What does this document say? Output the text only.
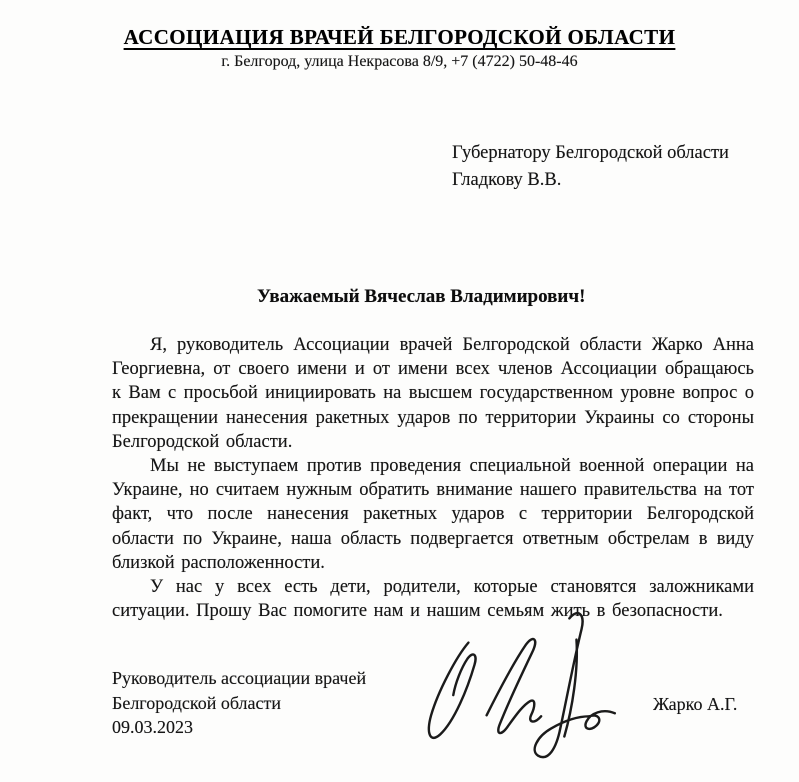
АССОЦИАЦИЯ ВРАЧЕЙ БЕЛГОРОДСКОЙ ОБЛАСТИ
г. Белгород, улица Некрасова 8/9, +7 (4722) 50-48-46
Губернатору Белгородской области
Гладкову В.В.
Уважаемый Вячеслав Владимирович!

Я, руководитель Ассоциации врачей Белгородской области Жарко Анна Георгиевна, от своего имени и от имени всех членов Ассоциации обращаюсь к Вам с просьбой инициировать на высшем государственном уровне вопрос о прекращении нанесения ракетных ударов по территории Украины со стороны Белгородской области.

Мы не выступаем против проведения специальной военной операции на Украине, но считаем нужным обратить внимание нашего правительства на тот факт, что после нанесения ракетных ударов с территории Белгородской области по Украине, наша область подвергается ответным обстрелам в виду близкой расположенности.

У нас у всех есть дети, родители, которые становятся заложниками ситуации. Прошу Вас помогите нам и нашим семьям жить в безопасности.

Руководитель ассоциации врачей
Белгородской области
09.03.2023
Жарко А.Г.
